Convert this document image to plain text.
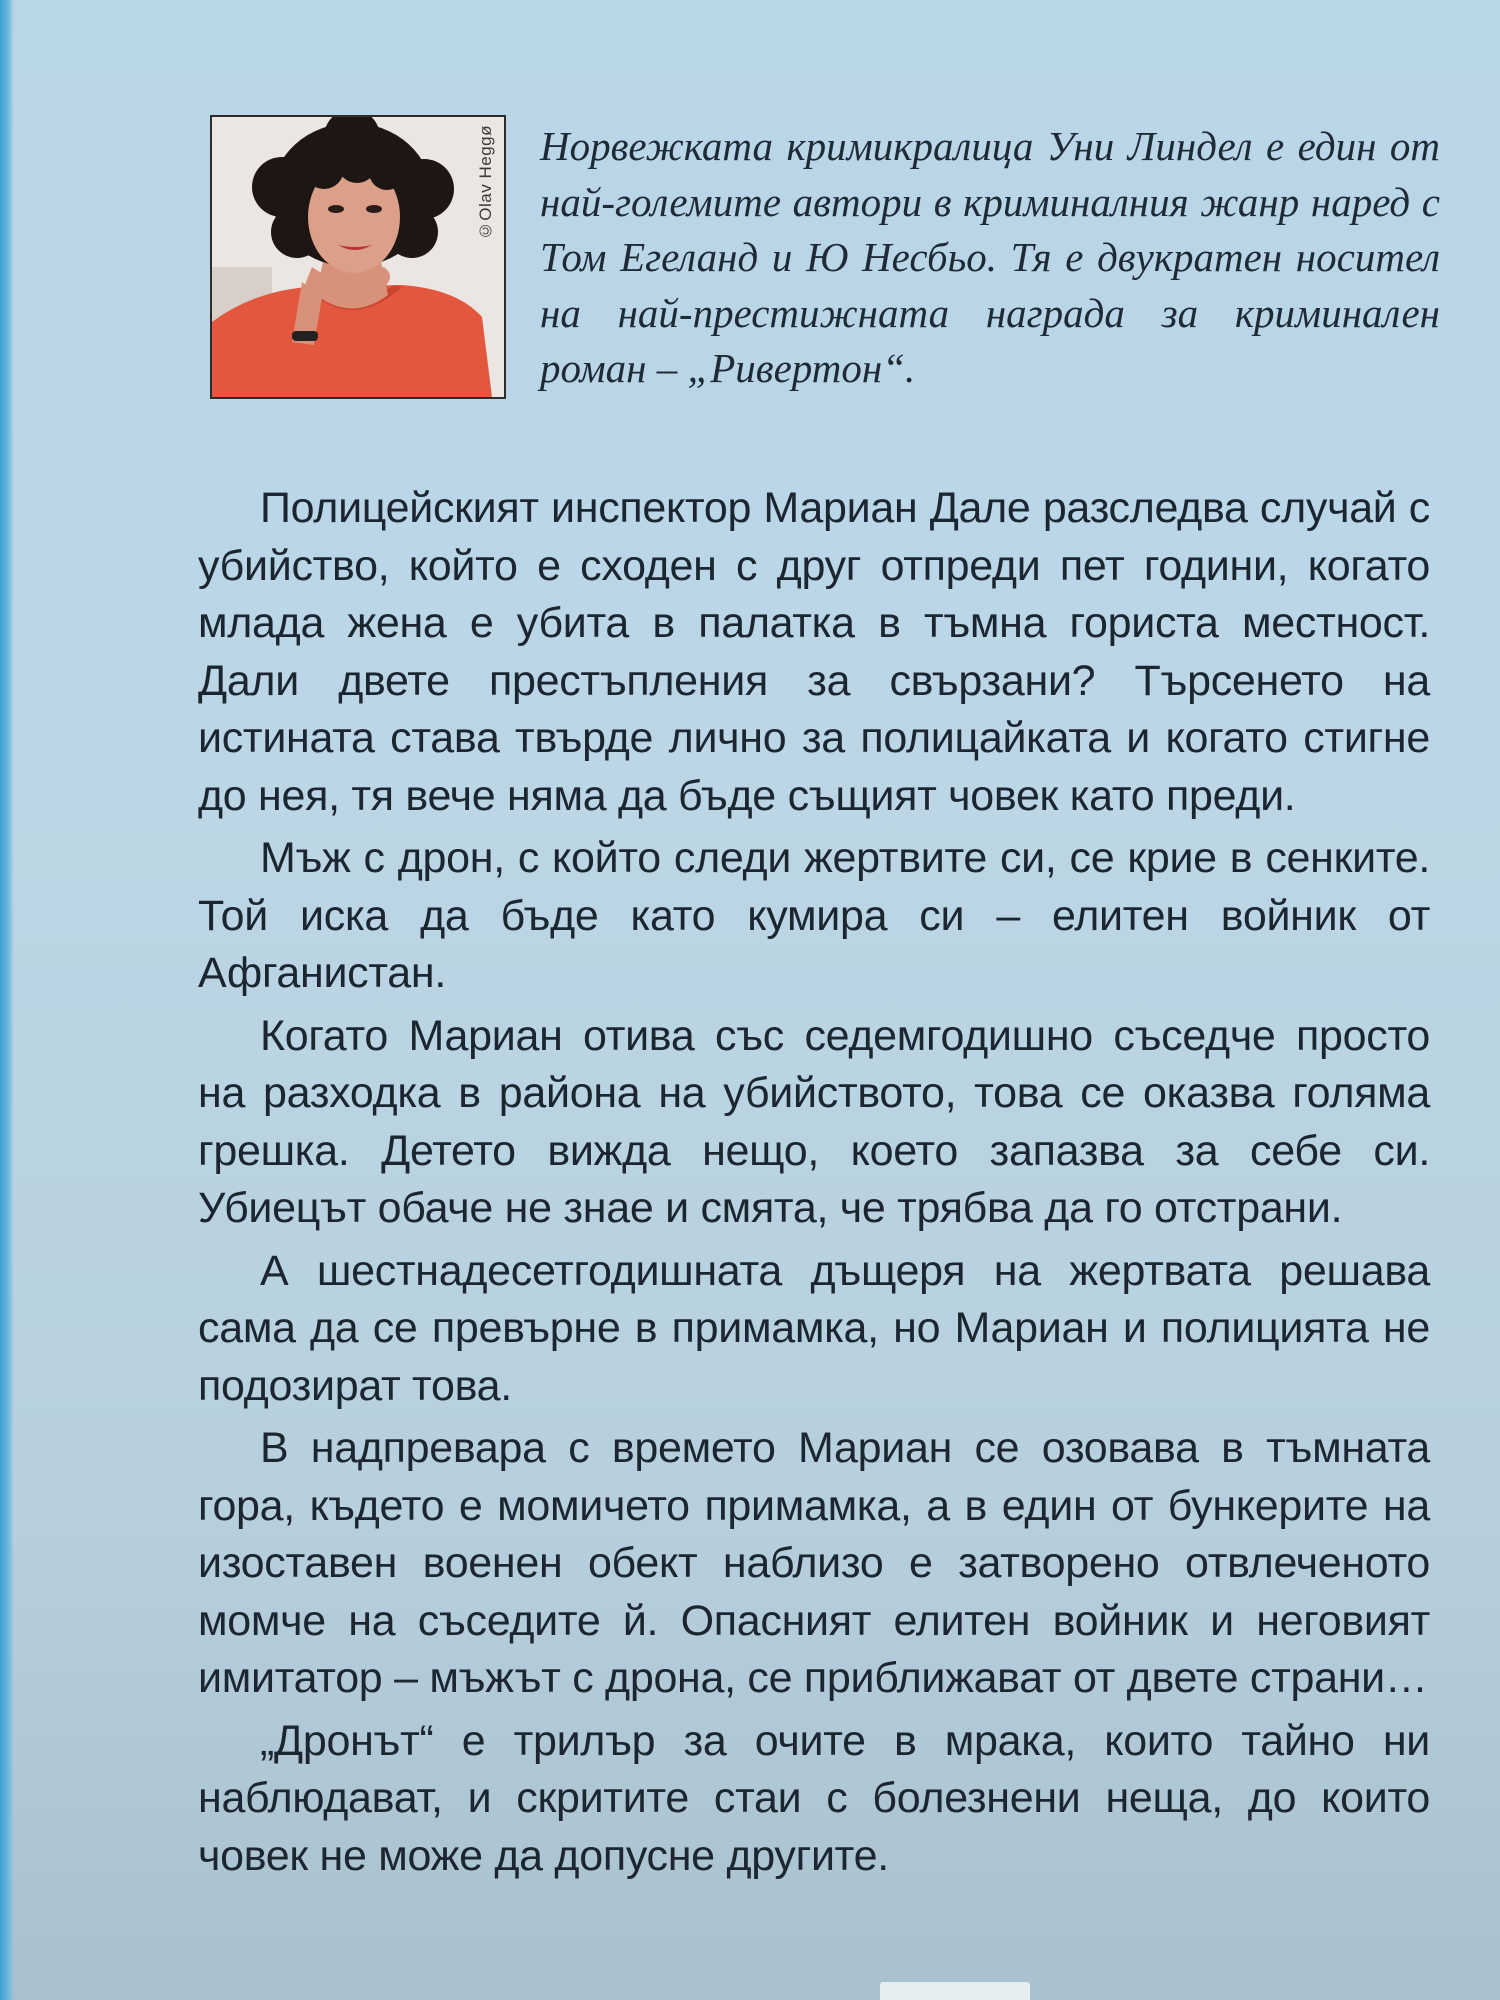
©Olav Heggø Норвежката кримикралица Уни Линдел е един от най-големите автори в криминалния жанр наред с Том Егеланд и Ю Несбьо. Тя е двукратен носител на най-престижната награда за криминален роман – „Ривертон“.

Полицейският инспектор Мариан Дале разследва случай с убийство, който е сходен с друг отпреди пет години, когато млада жена е убита в палатка в тъмна гориста местност. Дали двете престъпления за свързани? Търсенето на истината става твърде лично за полицайката и когато стигне до нея, тя вече няма да бъде същият човек като преди.

Мъж с дрон, с който следи жертвите си, се крие в сенките. Той иска да бъде като кумира си – елитен войник от Афганистан.

Когато Мариан отива със седемгодишно съседче просто на разходка в района на убийството, това се оказва голяма грешка. Детето вижда нещо, което запазва за себе си. Убиецът обаче не знае и смята, че трябва да го отстрани.

А шестнадесетгодишната дъщеря на жертвата решава сама да се превърне в примамка, но Мариан и полицията не подозират това.

В надпревара с времето Мариан се озовава в тъмната гора, където е момичето примамка, а в един от бункерите на изоставен военен обект наблизо е затворено отвлеченото момче на съседите й. Опасният елитен войник и неговият имитатор – мъжът с дрона, се приближават от двете страни…

„Дронът“ е трилър за очите в мрака, които тайно ни наблюдават, и скритите стаи с болезнени неща, до които човек не може да допусне другите.
